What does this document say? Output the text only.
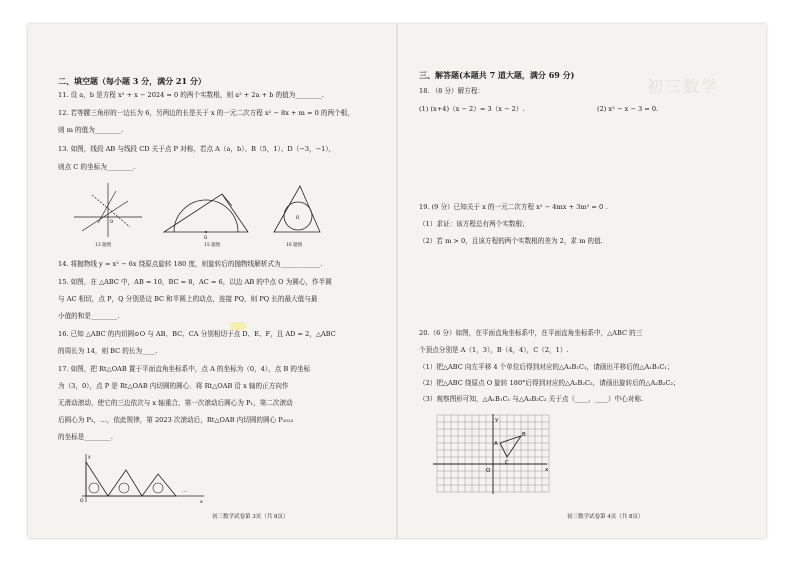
二、填空题（每小题 3 分，满分 21 分）
11. 设 a，b 是方程 x² + x − 2024 = 0 的两个实数根，则 a² + 2a + b 的值为________.
12. 若等腰三角形的一边长为 6，另两边的长是关于 x 的一元二次方程 x² − 8x + m = 0 的两个根，
则 m 的值为________.
13. 如图，线段 AB 与线段 CD 关于点 P 对称，若点 A（a，b）、B（5，1）、D（−3，−1），
则点 C 的坐标为________.
O
13 题图
O
15 题图
O
16 题图
14. 将抛物线 y = x² − 6x 绕原点旋转 180 度，则旋转后的抛物线解析式为____________.
15. 如图，在 △ABC 中，AB = 10，BC = 8，AC = 6，以边 AB 的中点 O 为圆心，作半圆
与 AC 相切，点 P，Q 分别是边 BC 和半圆上的动点，连接 PQ，则 PQ 长的最大值与最
小值的和是________.
16. 已知 △ABC 的内切圆⊙O 与 AB、BC、CA 分别相切于点 D、E、F，且 AD = 2，△ABC
的周长为 14，则 BC 的长为____.
17. 如图，把 Rt△OAB 置于平面直角坐标系中，点 A 的坐标为（0，4），点 B 的坐标
为（3，0），点 P 是 Rt△OAB 内切圆的圆心．将 Rt△OAB 沿 x 轴的正方向作
无滑动滚动，使它的三边依次与 x 轴重合，第一次滚动后圆心为 P₁，第二次滚动
后圆心为 P₂，…，依此规律，第 2023 次滚动后，Rt△OAB 内切圆的圆心 P₂₀₂₃
的坐标是________.
…
y
x
O
初三数学试卷第 3页（共 8页）
初三数学
三、解答题(本题共 7 道大题，满分 69 分)
18. （8 分）解方程：
(1) (x+4)（x − 2）= 3（x − 2）.	(2) x² − x − 3 = 0.
19. (9 分）已知关于 x 的一元二次方程 x² − 4mx + 3m² = 0 .
（1）求证：该方程总有两个实数根；
（2）若 m > 0，且该方程的两个实数根的差为 2，求 m 的值.
20.（6 分）如图，在平面直角坐标系中，在平面直角坐标系中，△ABC 的三
个顶点分别是 A（1，3），B（4，4），C（2，1）.
（1）把△ABC 向左平移 4 个单位后得到对应的△A₁B₁C₁，请画出平移后的△A₁B₁C₁；
（2）把△ABC 绕原点 O 旋转 180°后得到对应的△A₂B₂C₂，请画出旋转后的△A₂B₂C₂；
（3）观察图形可知，△A₁B₁C₁ 与△A₂B₂C₂ 关于点（____，____）中心对称.
y
x
O
A
B
C
初三数学试卷第 4页（共 8页）
